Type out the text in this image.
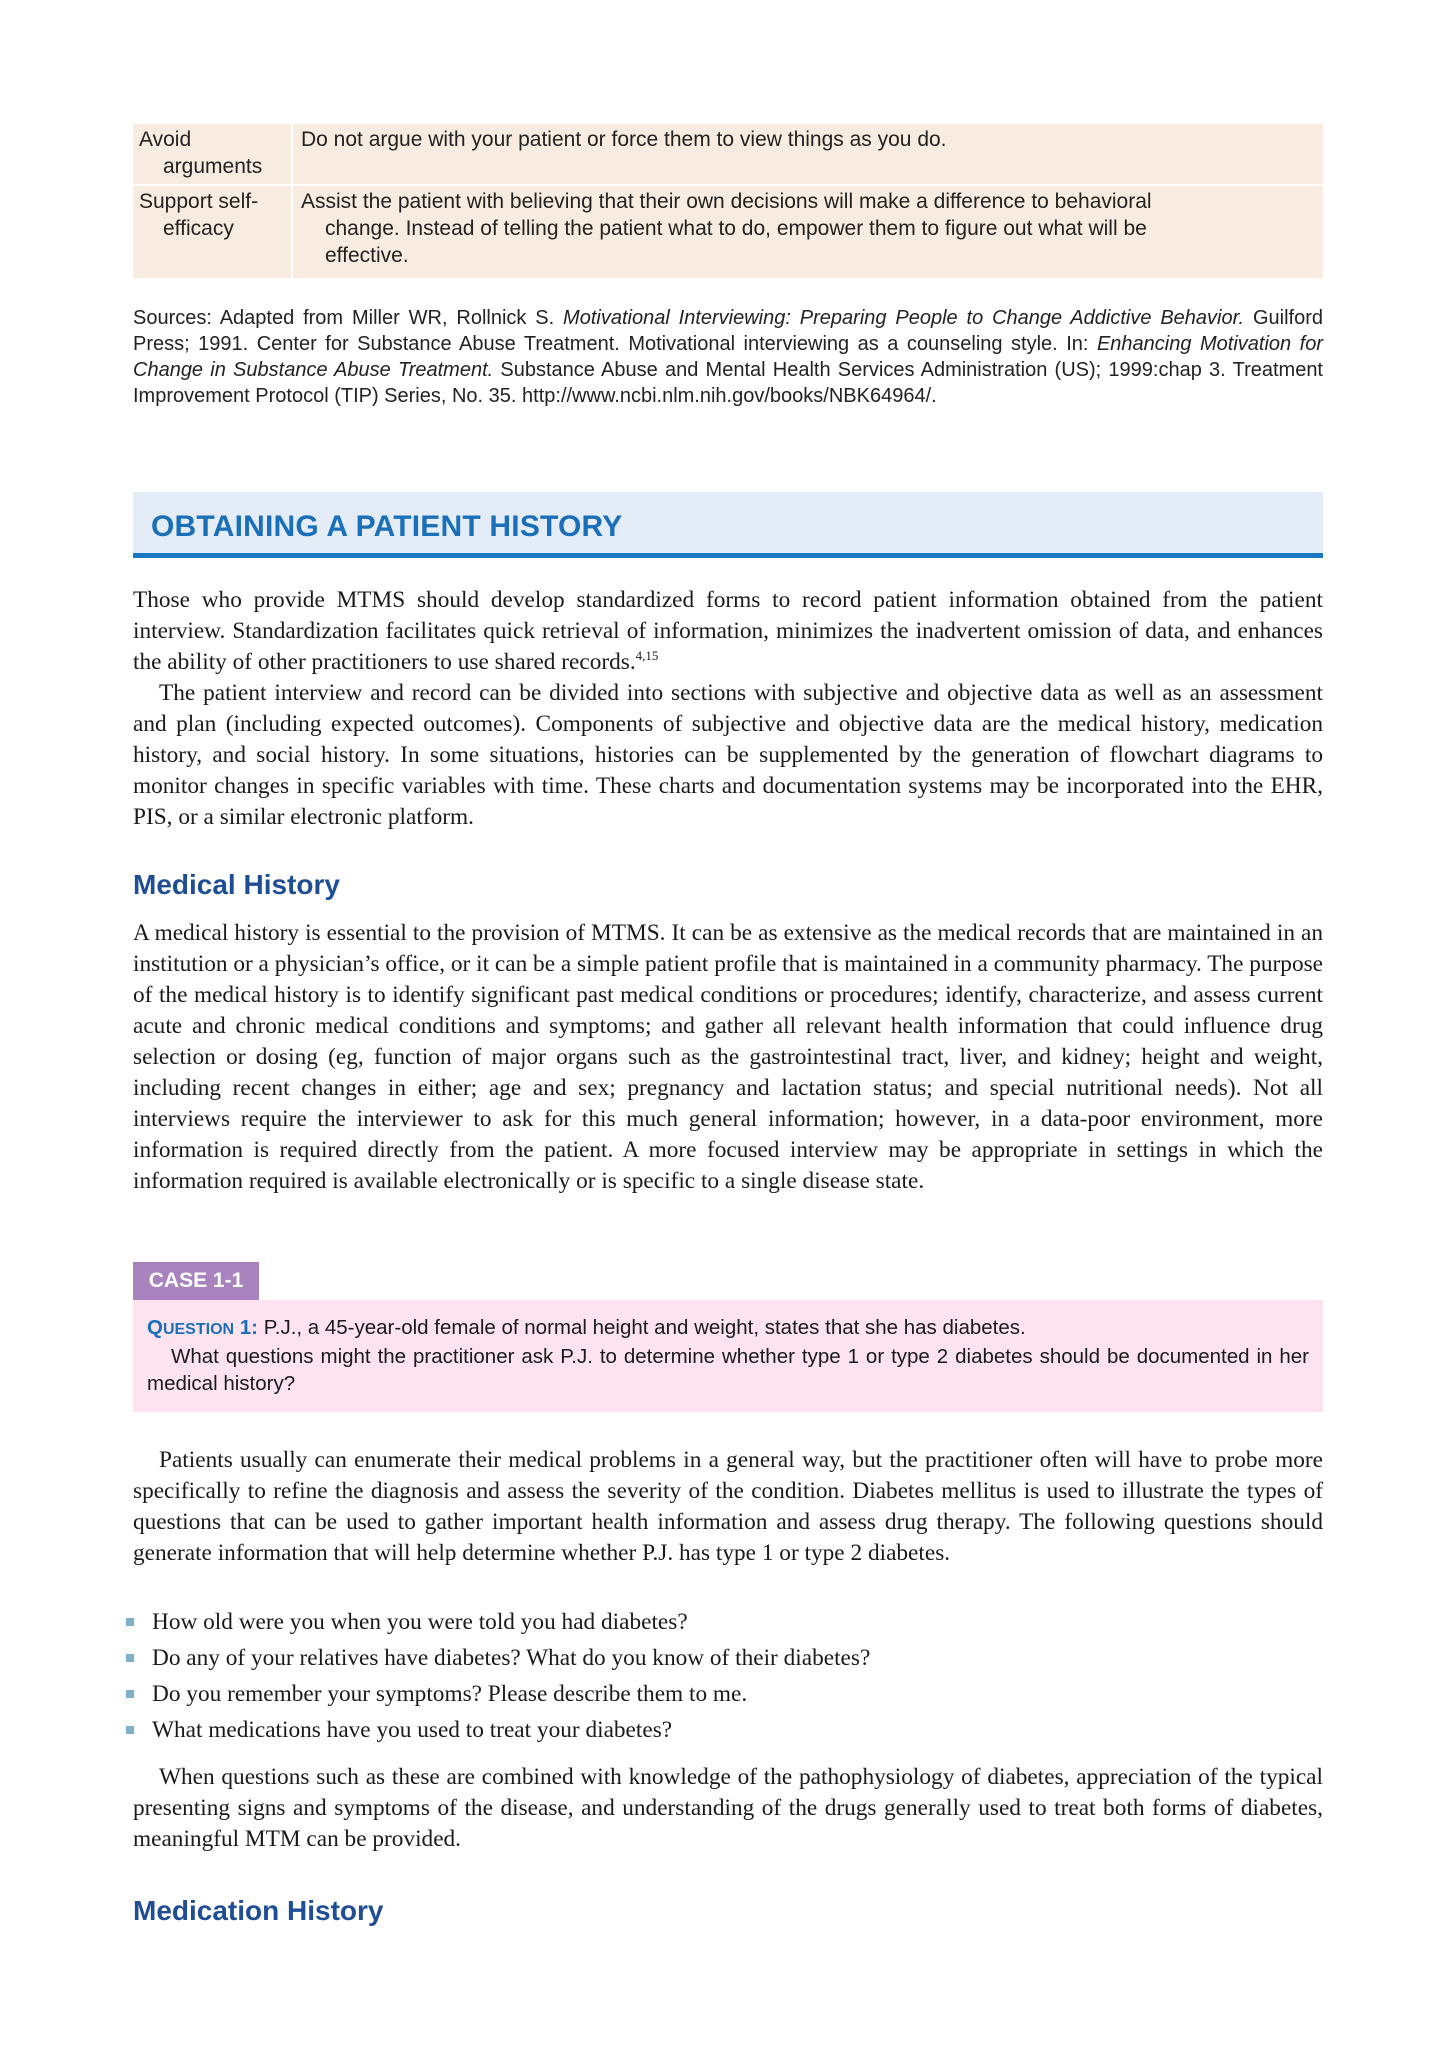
Avoid
arguments
Do not argue with your patient or force them to view things as you do.
Support self-
efficacy
Assist the patient with believing that their own decisions will make a difference to behavioral
change. Instead of telling the patient what to do, empower them to figure out what will be
effective.
Sources: Adapted from Miller WR, Rollnick S. Motivational Interviewing: Preparing People to Change Addictive Behavior. Guilford Press; 1991. Center for Substance Abuse Treatment. Motivational interviewing as a counseling style. In: Enhancing Motivation for Change in Substance Abuse Treatment. Substance Abuse and Mental Health Services Administration (US); 1999:chap 3. Treatment Improvement Protocol (TIP) Series, No. 35. http://www.ncbi.nlm.nih.gov/books/NBK64964/.
OBTAINING A PATIENT HISTORY

Those who provide MTMS should develop standardized forms to record patient information obtained from the patient interview. Standardization facilitates quick retrieval of information, minimizes the inadvertent omission of data, and enhances the ability of other practitioners to use shared records.$^{4,15}$

The patient interview and record can be divided into sections with subjective and objective data as well as an assessment and plan (including expected outcomes). Components of subjective and objective data are the medical history, medication history, and social history. In some situations, histories can be supplemented by the generation of flowchart diagrams to monitor changes in specific variables with time. These charts and documentation systems may be incorporated into the EHR, PIS, or a similar electronic platform.

Medical History

A medical history is essential to the provision of MTMS. It can be as extensive as the medical records that are maintained in an institution or a physician’s office, or it can be a simple patient profile that is maintained in a community pharmacy. The purpose of the medical history is to identify significant past medical conditions or procedures; identify, characterize, and assess current acute and chronic medical conditions and symptoms; and gather all relevant health information that could influence drug selection or dosing (eg, function of major organs such as the gastrointestinal tract, liver, and kidney; height and weight, including recent changes in either; age and sex; pregnancy and lactation status; and special nutritional needs). Not all interviews require the interviewer to ask for this much general information; however, in a data-poor environment, more information is required directly from the patient. A more focused interview may be appropriate in settings in which the information required is available electronically or is specific to a single disease state.

CASE 1-1
QUESTION 1: P.J., a 45-year-old female of normal height and weight, states that she has diabetes.
What questions might the practitioner ask P.J. to determine whether type 1 or type 2 diabetes should be documented in her medical history?

Patients usually can enumerate their medical problems in a general way, but the practitioner often will have to probe more specifically to refine the diagnosis and assess the severity of the condition. Diabetes mellitus is used to illustrate the types of questions that can be used to gather important health information and assess drug therapy. The following questions should generate information that will help determine whether P.J. has type 1 or type 2 diabetes.

How old were you when you were told you had diabetes?
Do any of your relatives have diabetes? What do you know of their diabetes?
Do you remember your symptoms? Please describe them to me.
What medications have you used to treat your diabetes?

When questions such as these are combined with knowledge of the pathophysiology of diabetes, appreciation of the typical presenting signs and symptoms of the disease, and understanding of the drugs generally used to treat both forms of diabetes, meaningful MTM can be provided.

Medication History
